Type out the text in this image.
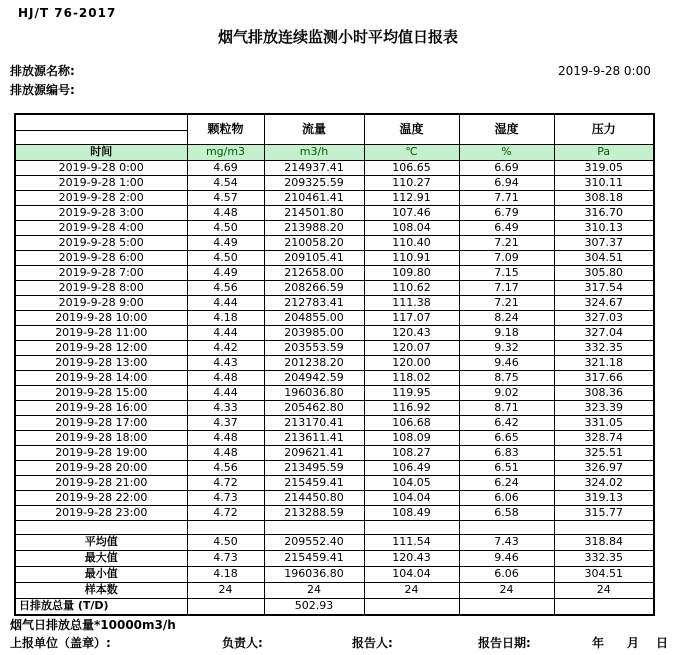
HJ/T 76-2017
烟气排放连续监测小时平均值日报表
排放源名称:
排放源编号:
2019-9-28 0:00
	颗粒物	流量	温度	湿度	压力
时间	mg/m3	m3/h	℃	%	Pa
2019-9-28 0:00	4.69	214937.41	106.65	6.69	319.05
2019-9-28 1:00	4.54	209325.59	110.27	6.94	310.11
2019-9-28 2:00	4.57	210461.41	112.91	7.71	308.18
2019-9-28 3:00	4.48	214501.80	107.46	6.79	316.70
2019-9-28 4:00	4.50	213988.20	108.04	6.49	310.13
2019-9-28 5:00	4.49	210058.20	110.40	7.21	307.37
2019-9-28 6:00	4.50	209105.41	110.91	7.09	304.51
2019-9-28 7:00	4.49	212658.00	109.80	7.15	305.80
2019-9-28 8:00	4.56	208266.59	110.62	7.17	317.54
2019-9-28 9:00	4.44	212783.41	111.38	7.21	324.67
2019-9-28 10:00	4.18	204855.00	117.07	8.24	327.03
2019-9-28 11:00	4.44	203985.00	120.43	9.18	327.04
2019-9-28 12:00	4.42	203553.59	120.07	9.32	332.35
2019-9-28 13:00	4.43	201238.20	120.00	9.46	321.18
2019-9-28 14:00	4.48	204942.59	118.02	8.75	317.66
2019-9-28 15:00	4.44	196036.80	119.95	9.02	308.36
2019-9-28 16:00	4.33	205462.80	116.92	8.71	323.39
2019-9-28 17:00	4.37	213170.41	106.68	6.42	331.05
2019-9-28 18:00	4.48	213611.41	108.09	6.65	328.74
2019-9-28 19:00	4.48	209621.41	108.27	6.83	325.51
2019-9-28 20:00	4.56	213495.59	106.49	6.51	326.97
2019-9-28 21:00	4.72	215459.41	104.05	6.24	324.02
2019-9-28 22:00	4.73	214450.80	104.04	6.06	319.13
2019-9-28 23:00	4.72	213288.59	108.49	6.58	315.77

平均值	4.50	209552.40	111.54	7.43	318.84
最大值	4.73	215459.41	120.43	9.46	332.35
最小值	4.18	196036.80	104.04	6.06	304.51
样本数	24	24	24	24	24
日排放总量 (T/D)		502.93			
烟气日排放总量*10000m3/h
上报单位（盖章）:	负责人:	报告人:	报告日期:	年 月 日
